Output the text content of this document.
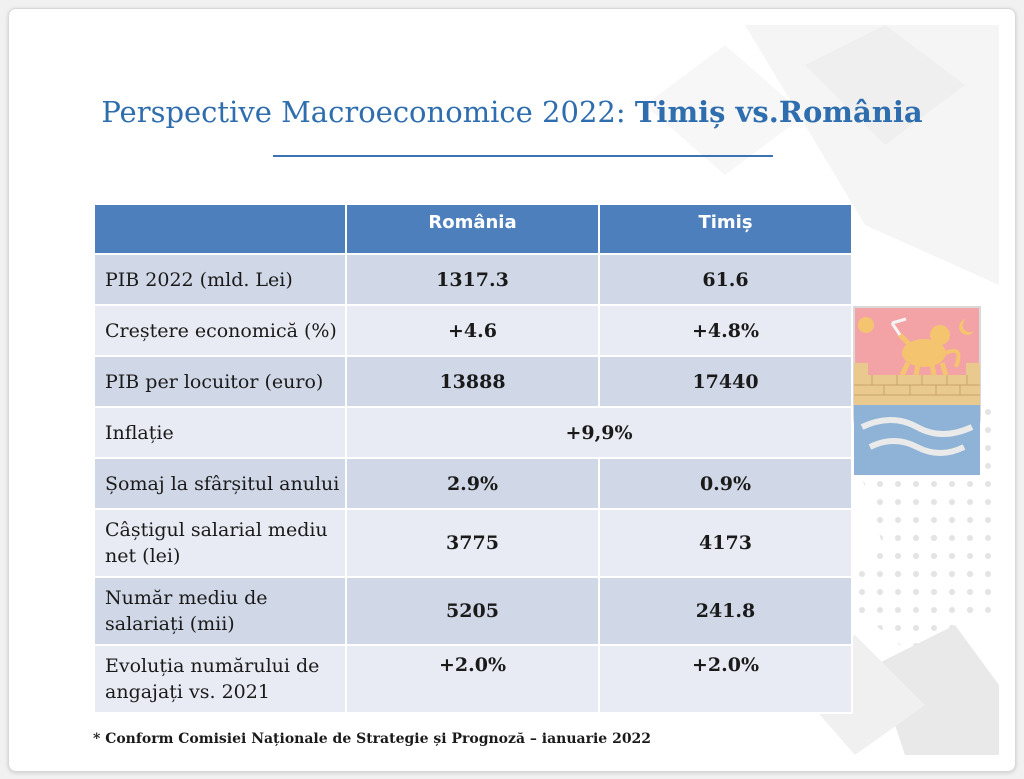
Perspective Macroeconomice 2022: Timiș vs.România
	România	Timiș
PIB 2022 (mld. Lei)	1317.3	61.6
Creștere economică (%)	+4.6	+4.8%
PIB per locuitor (euro)	13888	17440
Inflație	+9,9%	
Șomaj la sfârșitul anului	2.9%	0.9%
Câștigul salarial mediu net (lei)	3775	4173
Număr mediu de salariați (mii)	5205	241.8
Evoluția numărului de angajați vs. 2021	+2.0%	+2.0%
* Conform Comisiei Naționale de Strategie și Prognoză – ianuarie 2022
